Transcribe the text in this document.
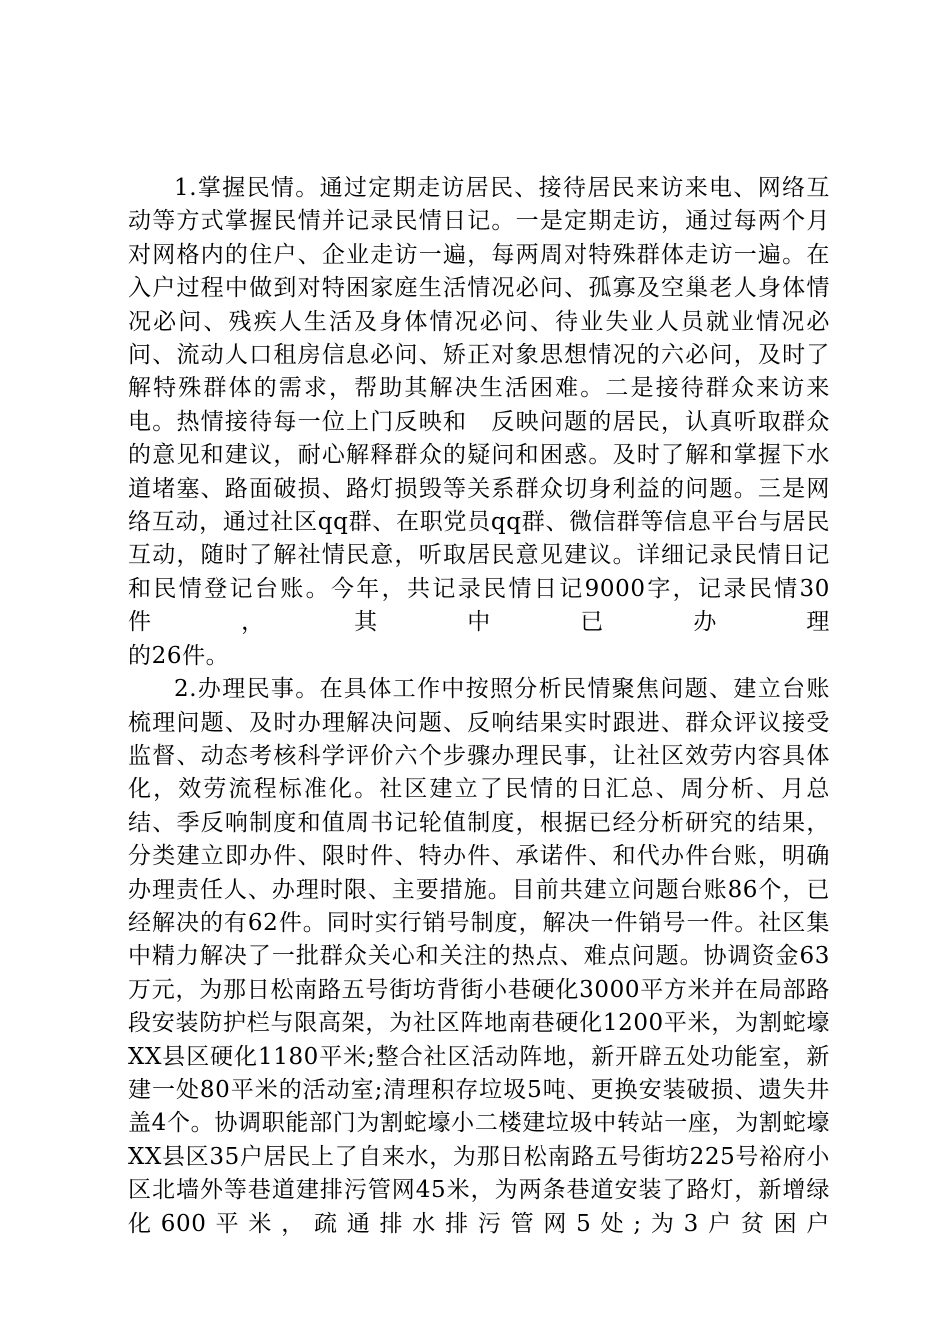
1.掌握民情。通过定期走访居民、接待居民来访来电、网络互动等方式掌握民情并记录民情日记。一是定期走访，通过每两个月对网格内的住户、企业走访一遍，每两周对特殊群体走访一遍。在入户过程中做到对特困家庭生活情况必问、孤寡及空巢老人身体情况必问、残疾人生活及身体情况必问、待业失业人员就业情况必问、流动人口租房信息必问、矫正对象思想情况的六必问，及时了解特殊群体的需求，帮助其解决生活困难。二是接待群众来访来电。热情接待每一位上门反映和　反映问题的居民，认真听取群众的意见和建议，耐心解释群众的疑问和困惑。及时了解和掌握下水道堵塞、路面破损、路灯损毁等关系群众切身利益的问题。三是网络互动，通过社区qq群、在职党员qq群、微信群等信息平台与居民互动，随时了解社情民意，听取居民意见建议。详细记录民情日记和民情登记台账。今年，共记录民情日记9000字，记录民情30件，其中已办理
的26件。

2.办理民事。在具体工作中按照分析民情聚焦问题、建立台账梳理问题、及时办理解决问题、反响结果实时跟进、群众评议接受监督、动态考核科学评价六个步骤办理民事，让社区效劳内容具体化，效劳流程标准化。社区建立了民情的日汇总、周分析、月总结、季反响制度和值周书记轮值制度，根据已经分析研究的结果，分类建立即办件、限时件、特办件、承诺件、和代办件台账，明确办理责任人、办理时限、主要措施。目前共建立问题台账86个，已经解决的有62件。同时实行销号制度，解决一件销号一件。社区集中精力解决了一批群众关心和关注的热点、难点问题。协调资金63万元，为那日松南路五号街坊背街小巷硬化3000平方米并在局部路段安装防护栏与限高架，为社区阵地南巷硬化1200平米，为割蛇壕XX县区硬化1180平米;整合社区活动阵地，新开辟五处功能室，新建一处80平米的活动室;清理积存垃圾5吨、更换安装破损、遗失井盖4个。协调职能部门为割蛇壕小二楼建垃圾中转站一座，为割蛇壕XX县区35户居民上了自来水，为那日松南路五号街坊225号裕府小区北墙外等巷道建排污管网45米，为两条巷道安装了路灯，新增绿化600平米，疏通排水排污管网5处;为3户贫困户
